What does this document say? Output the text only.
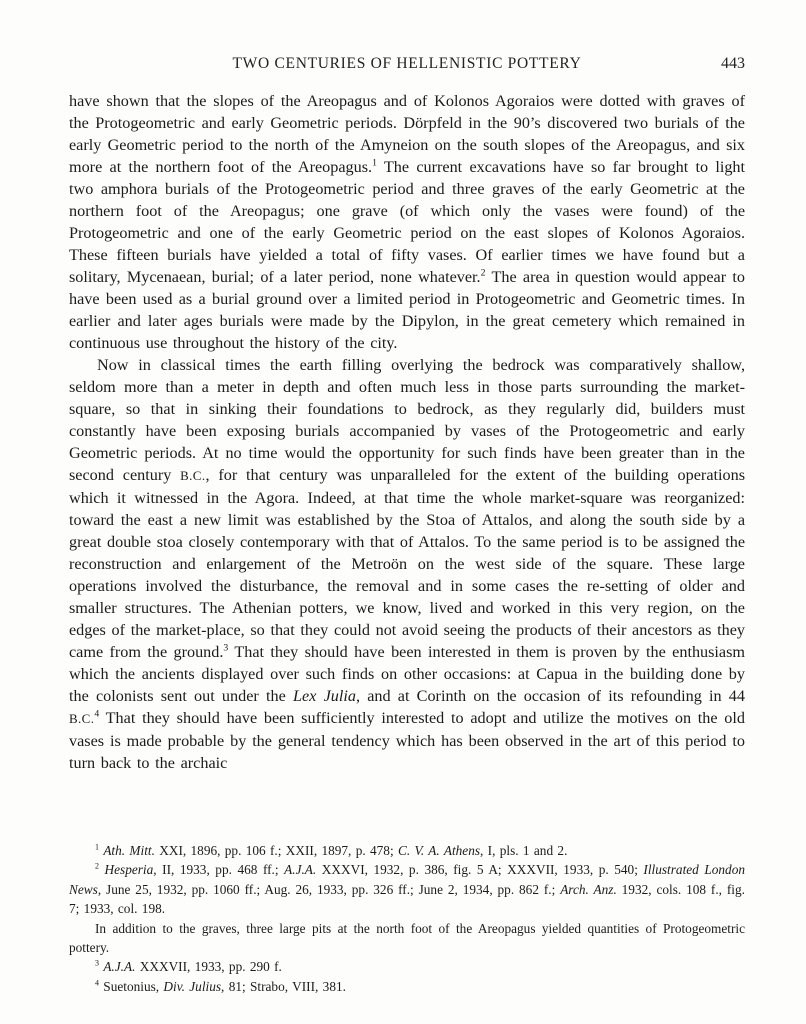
TWO CENTURIES OF HELLENISTIC POTTERY	443

have shown that the slopes of the Areopagus and of Kolonos Agoraios were dotted with graves of the Protogeometric and early Geometric periods. Dörpfeld in the 90’s discovered two burials of the early Geometric period to the north of the Amyneion on the south slopes of the Areopagus, and six more at the northern foot of the Areopagus.$^1$ The current excavations have so far brought to light two amphora burials of the Protogeometric period and three graves of the early Geometric at the northern foot of the Areopagus; one grave (of which only the vases were found) of the Protogeometric and one of the early Geometric period on the east slopes of Kolonos Agoraios. These fifteen burials have yielded a total of fifty vases. Of earlier times we have found but a solitary, Mycenaean, burial; of a later period, none whatever.$^2$ The area in question would appear to have been used as a burial ground over a limited period in Protogeometric and Geometric times. In earlier and later ages burials were made by the Dipylon, in the great cemetery which remained in continuous use throughout the history of the city.

Now in classical times the earth filling overlying the bedrock was comparatively shallow, seldom more than a meter in depth and often much less in those parts surrounding the market-square, so that in sinking their foundations to bedrock, as they regularly did, builders must constantly have been exposing burials accompanied by vases of the Protogeometric and early Geometric periods. At no time would the opportunity for such finds have been greater than in the second century B.C., for that century was unparalleled for the extent of the building operations which it witnessed in the Agora. Indeed, at that time the whole market-square was reorganized: toward the east a new limit was established by the Stoa of Attalos, and along the south side by a great double stoa closely contemporary with that of Attalos. To the same period is to be assigned the reconstruction and enlargement of the Metroön on the west side of the square. These large operations involved the disturbance, the removal and in some cases the re-setting of older and smaller structures. The Athenian potters, we know, lived and worked in this very region, on the edges of the market-place, so that they could not avoid seeing the products of their ancestors as they came from the ground.$^3$ That they should have been interested in them is proven by the enthusiasm which the ancients displayed over such finds on other occasions: at Capua in the building done by the colonists sent out under the Lex Julia, and at Corinth on the occasion of its refounding in 44 B.C.$^4$ That they should have been sufficiently interested to adopt and utilize the motives on the old vases is made probable by the general tendency which has been observed in the art of this period to turn back to the archaic

$^1$ Ath. Mitt. XXI, 1896, pp. 106 f.; XXII, 1897, p. 478; C. V. A. Athens, I, pls. 1 and 2.

$^2$ Hesperia, II, 1933, pp. 468 ff.; A.J.A. XXXVI, 1932, p. 386, fig. 5 A; XXXVII, 1933, p. 540; Illustrated London News, June 25, 1932, pp. 1060 ff.; Aug. 26, 1933, pp. 326 ff.; June 2, 1934, pp. 862 f.; Arch. Anz. 1932, cols. 108 f., fig. 7; 1933, col. 198.

In addition to the graves, three large pits at the north foot of the Areopagus yielded quantities of Protogeometric pottery.

$^3$ A.J.A. XXXVII, 1933, pp. 290 f.

$^4$ Suetonius, Div. Julius, 81; Strabo, VIII, 381.
